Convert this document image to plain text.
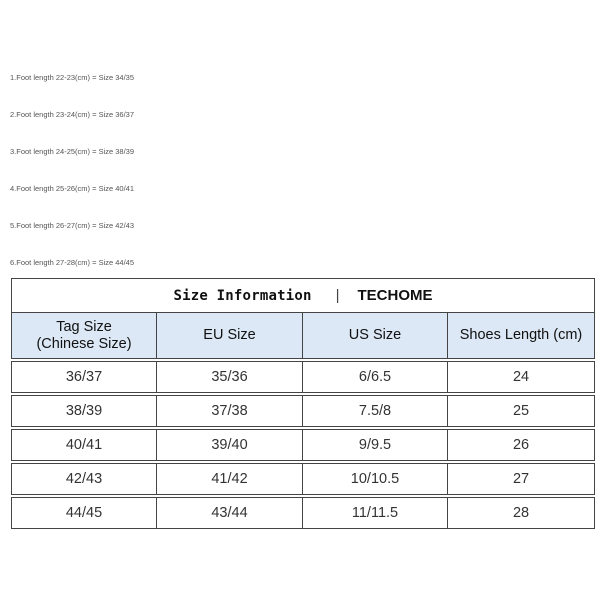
1.Foot length 22-23(cm) = Size 34/35
2.Foot length 23-24(cm) = Size 36/37
3.Foot length 24-25(cm) = Size 38/39
4.Foot length 25-26(cm) = Size 40/41
5.Foot length 26-27(cm) = Size 42/43
6.Foot length 27-28(cm) = Size 44/45
Size Information | TECHOME			

Tag Size
(Chinese Size)	EU Size	US Size	Shoes Length (cm)

36/37	35/36	6/6.5	24

38/39	37/38	7.5/8	25

40/41	39/40	9/9.5	26

42/43	41/42	10/10.5	27

44/45	43/44	11/11.5	28
